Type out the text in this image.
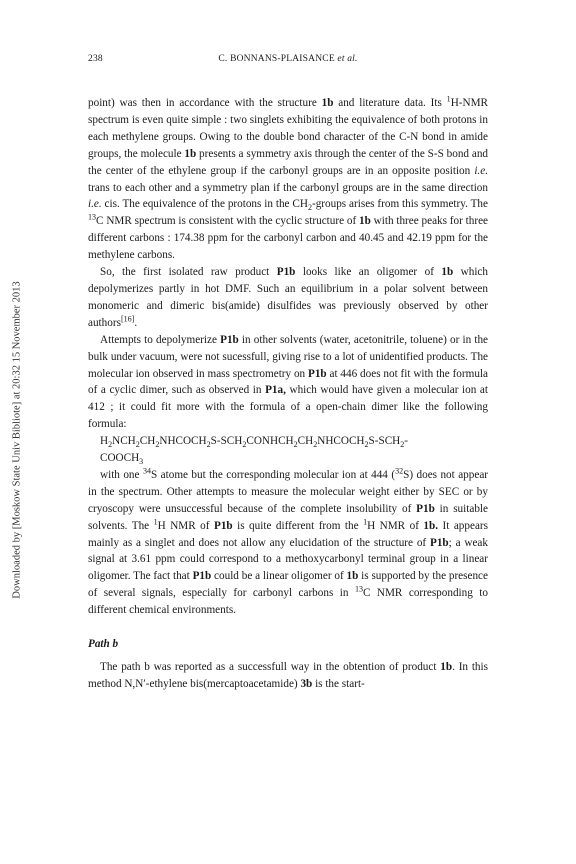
238	C. BONNANS-PLAISANCE et al.
Downloaded by [Moskow State Univ Bibliote] at 20:32 15 November 2013

point) was then in accordance with the structure 1b and literature data. Its $^1$H-NMR spectrum is even quite simple : two singlets exhibiting the equivalence of both protons in each methylene groups. Owing to the double bond character of the C-N bond in amide groups, the molecule 1b presents a symmetry axis through the center of the S-S bond and the center of the ethylene group if the carbonyl groups are in an opposite position i.e. trans to each other and a symmetry plan if the carbonyl groups are in the same direction i.e. cis. The equivalence of the protons in the $CH_2$-groups arises from this symmetry. The $^{13}$C NMR spectrum is consistent with the cyclic structure of 1b with three peaks for three different carbons : 174.38 ppm for the carbonyl carbon and 40.45 and 42.19 ppm for the methylene carbons.

So, the first isolated raw product P1b looks like an oligomer of 1b which depolymerizes partly in hot DMF. Such an equilibrium in a polar solvent between monomeric and dimeric bis(amide) disulfides was previously observed by other authors[16].

Attempts to depolymerize P1b in other solvents (water, acetonitrile, toluene) or in the bulk under vacuum, were not sucessfull, giving rise to a lot of unidentified products. The molecular ion observed in mass spectrometry on P1b at 446 does not fit with the formula of a cyclic dimer, such as observed in P1a, which would have given a molecular ion at 412 ; it could fit more with the formula of a open-chain dimer like the following formula:

$H_2NCH_2CH_2NHCOCH_2S-SCH_2CONHCH_2CH_2NHCOCH_2S-SCH_2-$
$COOCH_3$

with one $^{34}$S atome but the corresponding molecular ion at 444 ($^{32}$S) does not appear in the spectrum. Other attempts to measure the molecular weight either by SEC or by cryoscopy were unsuccessful because of the complete insolubility of P1b in suitable solvents. The $^1$H NMR of P1b is quite different from the $^1$H NMR of 1b. It appears mainly as a singlet and does not allow any elucidation of the structure of P1b; a weak signal at 3.61 ppm could correspond to a methoxycarbonyl terminal group in a linear oligomer. The fact that P1b could be a linear oligomer of 1b is supported by the presence of several signals, especially for carbonyl carbons in $^{13}$C NMR corresponding to different chemical environments.

Path b

The path b was reported as a successfull way in the obtention of product 1b. In this method N,N′-ethylene bis(mercaptoacetamide) 3b is the start-
